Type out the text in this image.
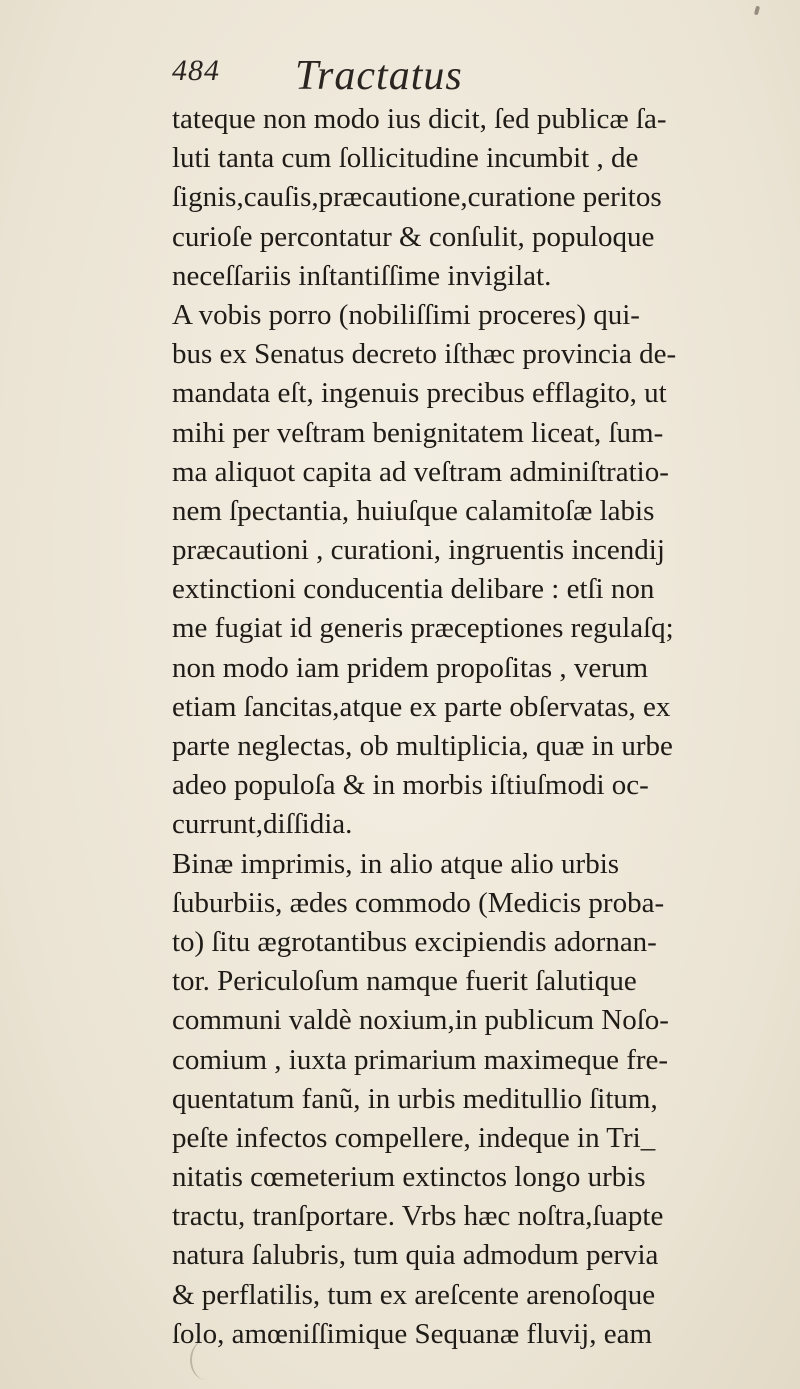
484 Tractatus
tateque non modo ius dicit, ſed publicæ ſa-
luti tanta cum ſollicitudine incumbit , de
ſignis,cauſis,præcautione,curatione peritos
curioſe percontatur & conſulit, populoque
neceſſariis inſtantiſſime invigilat.
A vobis porro (nobiliſſimi proceres) qui-
bus ex Senatus decreto iſthæc provincia de-
mandata eſt, ingenuis precibus efflagito, ut
mihi per veſtram benignitatem liceat, ſum-
ma aliquot capita ad veſtram adminiſtratio-
nem ſpectantia, huiuſque calamitoſæ labis
præcautioni , curationi, ingruentis incendij
extinctioni conducentia delibare : etſi non
me fugiat id generis præceptiones regulaſq;
non modo iam pridem propoſitas , verum
etiam ſancitas,atque ex parte obſervatas, ex
parte neglectas, ob multiplicia, quæ in urbe
adeo populoſa & in morbis iſtiuſmodi oc-
currunt,diſſidia.
Binæ imprimis, in alio atque alio urbis
ſuburbiis, ædes commodo (Medicis proba-
to) ſitu ægrotantibus excipiendis adornan-
tor. Periculoſum namque fuerit ſalutique
communi valdè noxium,in publicum Noſo-
comium , iuxta primarium maximeque fre-
quentatum fanũ, in urbis meditullio ſitum,
peſte infectos compellere, indeque in Tri_
nitatis cœmeterium extinctos longo urbis
tractu, tranſportare. Vrbs hæc noſtra,ſuapte
natura ſalubris, tum quia admodum pervia
& perflatilis, tum ex areſcente arenoſoque
ſolo, amœniſſimique Sequanæ fluvij, eam
